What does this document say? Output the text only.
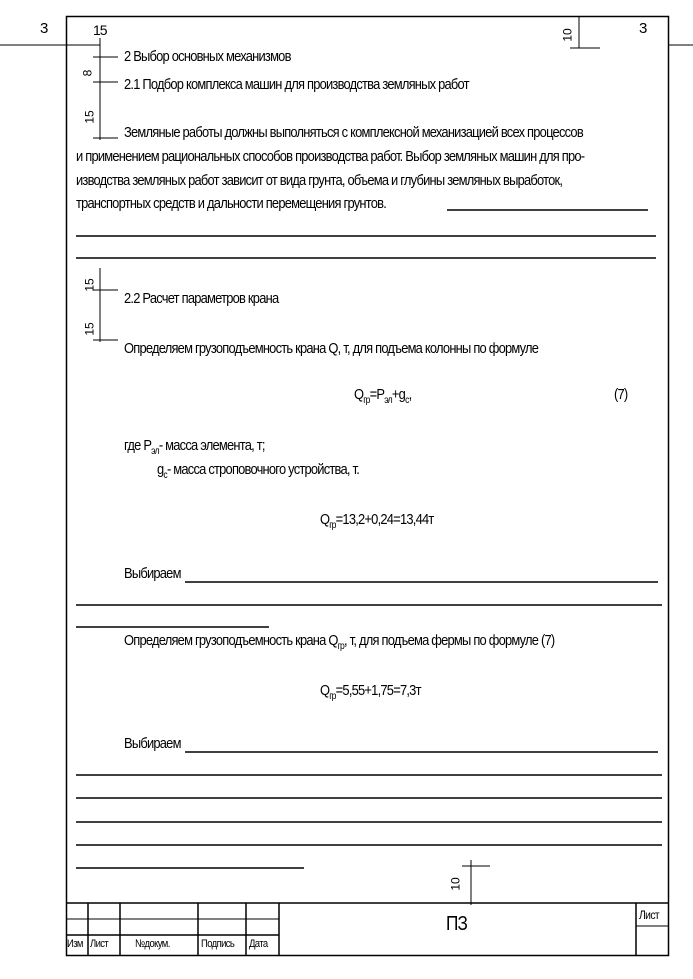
3	15	3
10
8
15
15
15
10
2 Выбор основных механизмов
2.1 Подбор комплекса машин для производства земляных работ
Земляные работы должны выполняться с комплексной механизацией всех процессов
и применением рациональных способов производства работ. Выбор земляных машин для про-
изводства земляных работ зависит от вида грунта, объема и глубины земляных выработок,
транспортных средств и дальности перемещения грунтов.
2.2 Расчет параметров крана
Определяем грузоподъемность крана Q, т, для подъема колонны по формуле
$Q_{гр}=P_{эл}+g_с$,	(7)
где $P_{эл}-$ масса элемента, т;
$g_с-$ масса строповочного устройства, т.
$Q_{гр}=13,2+0,24=13,44т$
Выбираем
Определяем грузоподъемность крана $Q_{гр}$, т, для подъема фермы по формуле (7)
$Q_{гр}=5,55+1,75=7,3т$
Выбираем
ПЗ	Лист
Изм Лист №докум.	Подпись Дата
